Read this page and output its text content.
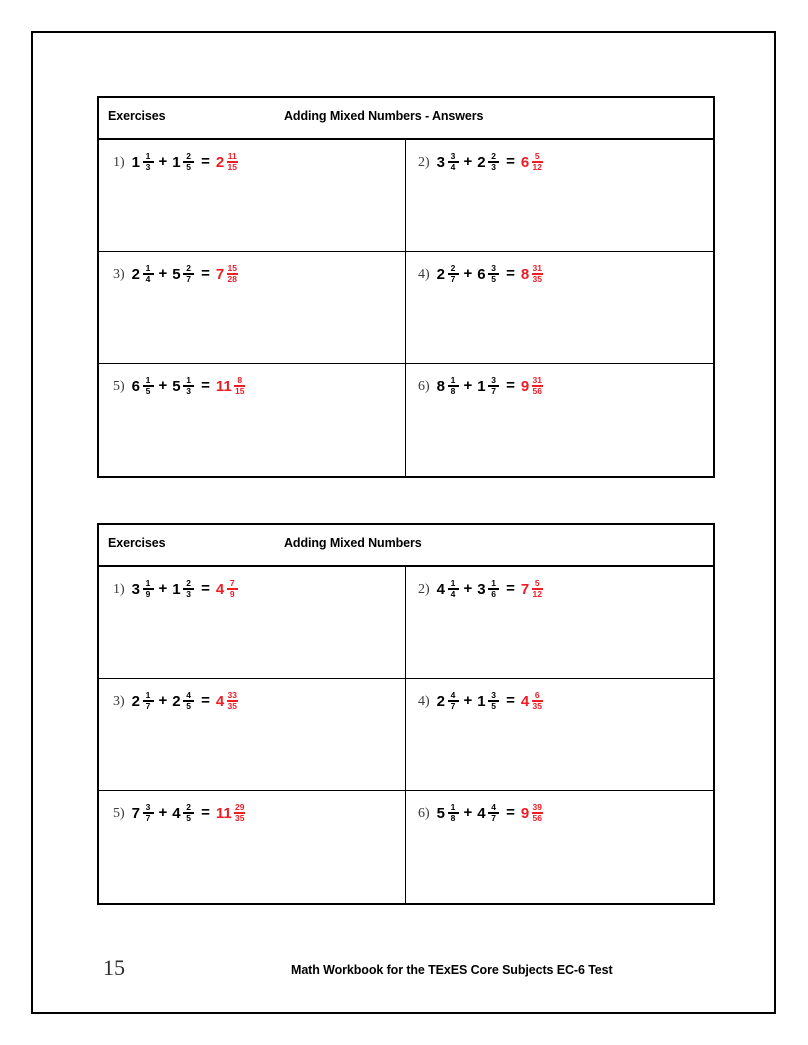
Exercises	Adding Mixed Numbers - Answers
1) $1 \frac{1}{3} + 1 \frac{2}{5} = 2 \frac{11}{15}$	2) $3 \frac{3}{4} + 2 \frac{2}{3} = 6 \frac{5}{12}$
3) $2 \frac{1}{4} + 5 \frac{2}{7} = 7 \frac{15}{28}$	4) $2 \frac{2}{7} + 6 \frac{3}{5} = 8 \frac{31}{35}$
5) $6 \frac{1}{5} + 5 \frac{1}{3} = 11 \frac{8}{15}$	6) $8 \frac{1}{8} + 1 \frac{3}{7} = 9 \frac{31}{56}$
Exercises	Adding Mixed Numbers
1) $3 \frac{1}{9} + 1 \frac{2}{3} = 4 \frac{7}{9}$	2) $4 \frac{1}{4} + 3 \frac{1}{6} = 7 \frac{5}{12}$
3) $2 \frac{1}{7} + 2 \frac{4}{5} = 4 \frac{33}{35}$	4) $2 \frac{4}{7} + 1 \frac{3}{5} = 4 \frac{6}{35}$
5) $7 \frac{3}{7} + 4 \frac{2}{5} = 11 \frac{29}{35}$	6) $5 \frac{1}{8} + 4 \frac{4}{7} = 9 \frac{39}{56}$
15	Math Workbook for the TExES Core Subjects EC-6 Test
